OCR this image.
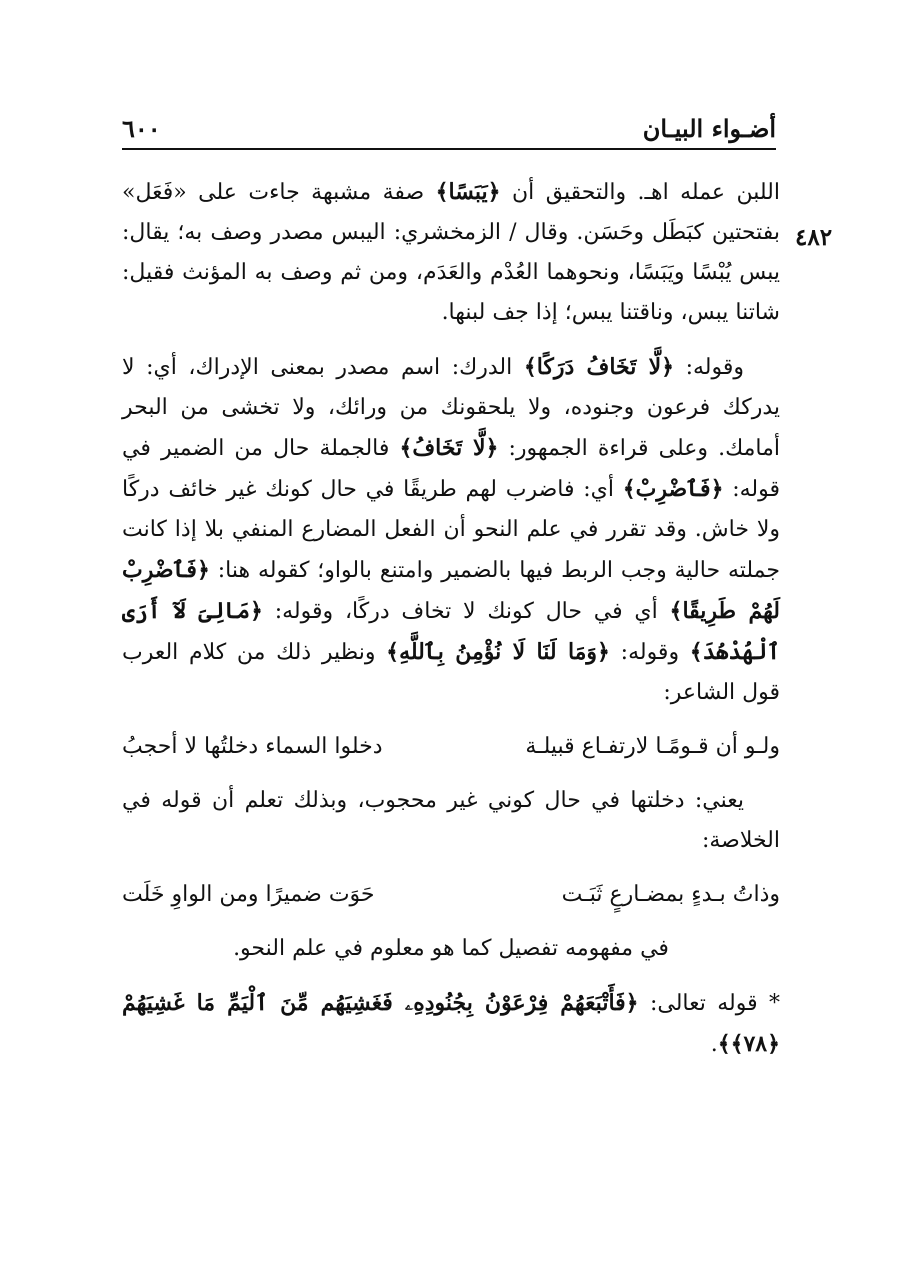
أضـواء البيـان
٦٠٠
٤٨٢

اللبن عمله اهـ. والتحقيق أن ﴿يَبَسًا﴾ صفة مشبهة جاءت على «فَعَل» بفتحتين كبَطَل وحَسَن. وقال / الزمخشري: اليبس مصدر وصف به؛ يقال: يبس يُبْسًا ويَبَسًا، ونحوهما العُدْم والعَدَم، ومن ثم وصف به المؤنث فقيل: شاتنا يبس، وناقتنا يبس؛ إذا جف لبنها.

وقوله: ﴿لَّا تَخَافُ دَرَكًا﴾ الدرك: اسم مصدر بمعنى الإدراك، أي: لا يدركك فرعون وجنوده، ولا يلحقونك من ورائك، ولا تخشى من البحر أمامك. وعلى قراءة الجمهور: ﴿لَّا تَخَافُ﴾ فالجملة حال من الضمير في قوله: ﴿فَٱضْرِبْ﴾ أي: فاضرب لهم طريقًا في حال كونك غير خائف دركًا ولا خاش. وقد تقرر في علم النحو أن الفعل المضارع المنفي بلا إذا كانت جملته حالية وجب الربط فيها بالضمير وامتنع بالواو؛ كقوله هنا: ﴿فَٱضْرِبْ لَهُمْ طَرِيقًا﴾ أي في حال كونك لا تخاف دركًا، وقوله: ﴿مَالِىَ لَآ أَرَى ٱلْهُدْهُدَ﴾ وقوله: ﴿وَمَا لَنَا لَا نُؤْمِنُ بِٱللَّهِ﴾ ونظير ذلك من كلام العرب قول الشاعر:

ولـو أن قـومًـا لارتفـاع قبيلـة
دخلوا السماء دخلتُها لا أحجبُ

يعني: دخلتها في حال كوني غير محجوب، وبذلك تعلم أن قوله في الخلاصة:

وذاتُ بـدءٍ بمضـارعٍ ثَبَـت
حَوَت ضميرًا ومن الواوِ خَلَت

في مفهومه تفصيل كما هو معلوم في علم النحو.

* قوله تعالى: ﴿فَأَتْبَعَهُمْ فِرْعَوْنُ بِجُنُودِهِۦ فَغَشِيَهُم مِّنَ ٱلْيَمِّ مَا غَشِيَهُمْ ﴿٧٨﴾﴾.
